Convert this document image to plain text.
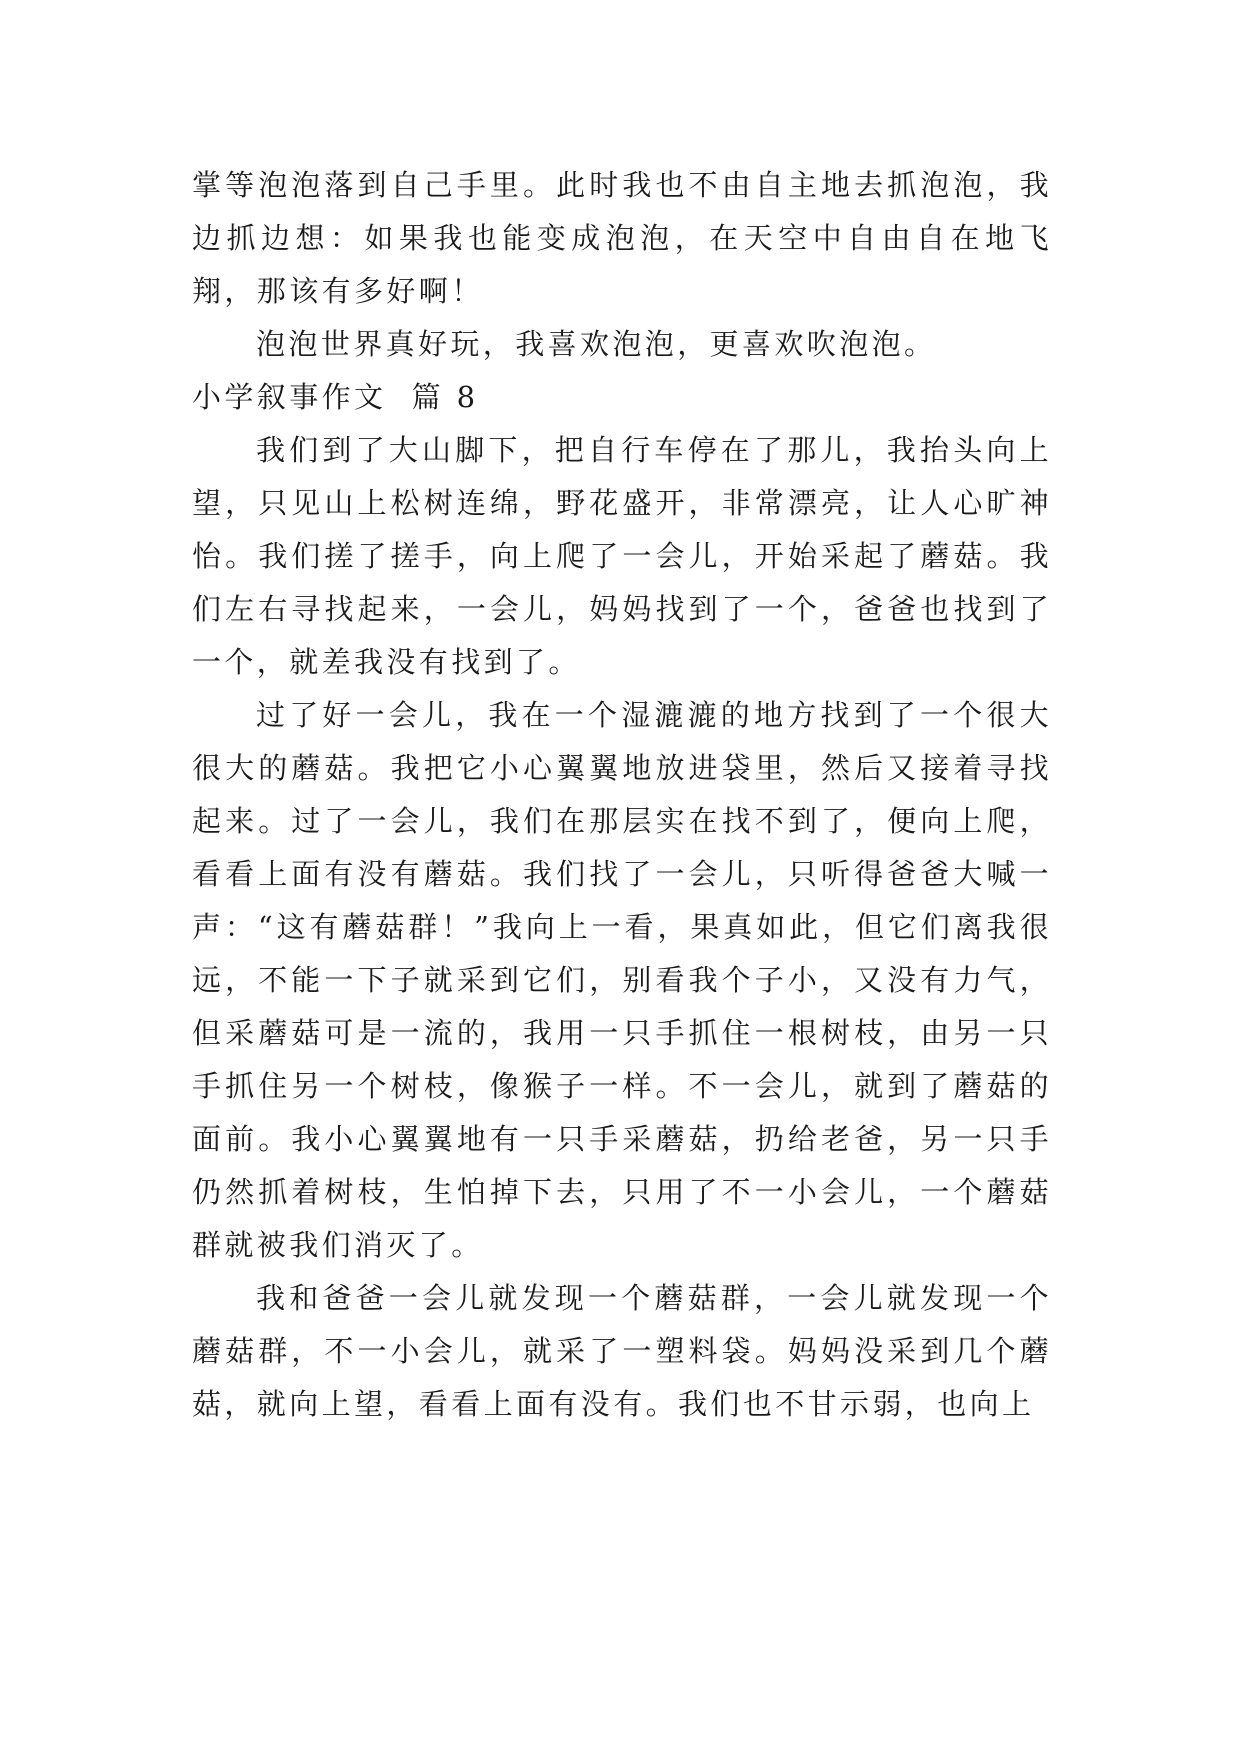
掌等泡泡落到自己手里。此时我也不由自主地去抓泡泡，我边抓边想：如果我也能变成泡泡，在天空中自由自在地飞翔，那该有多好啊！

泡泡世界真好玩，我喜欢泡泡，更喜欢吹泡泡。

小学叙事作文  篇 8

我们到了大山脚下，把自行车停在了那儿，我抬头向上望，只见山上松树连绵，野花盛开，非常漂亮，让人心旷神怡。我们搓了搓手，向上爬了一会儿，开始采起了蘑菇。我们左右寻找起来，一会儿，妈妈找到了一个，爸爸也找到了一个，就差我没有找到了。

过了好一会儿，我在一个湿漉漉的地方找到了一个很大很大的蘑菇。我把它小心翼翼地放进袋里，然后又接着寻找起来。过了一会儿，我们在那层实在找不到了，便向上爬，看看上面有没有蘑菇。我们找了一会儿，只听得爸爸大喊一声：“这有蘑菇群！”我向上一看，果真如此，但它们离我很远，不能一下子就采到它们，别看我个子小，又没有力气，但采蘑菇可是一流的，我用一只手抓住一根树枝，由另一只手抓住另一个树枝，像猴子一样。不一会儿，就到了蘑菇的面前。我小心翼翼地有一只手采蘑菇，扔给老爸，另一只手仍然抓着树枝，生怕掉下去，只用了不一小会儿，一个蘑菇群就被我们消灭了。

我和爸爸一会儿就发现一个蘑菇群，一会儿就发现一个蘑菇群，不一小会儿，就采了一塑料袋。妈妈没采到几个蘑菇，就向上望，看看上面有没有。我们也不甘示弱，也向上
